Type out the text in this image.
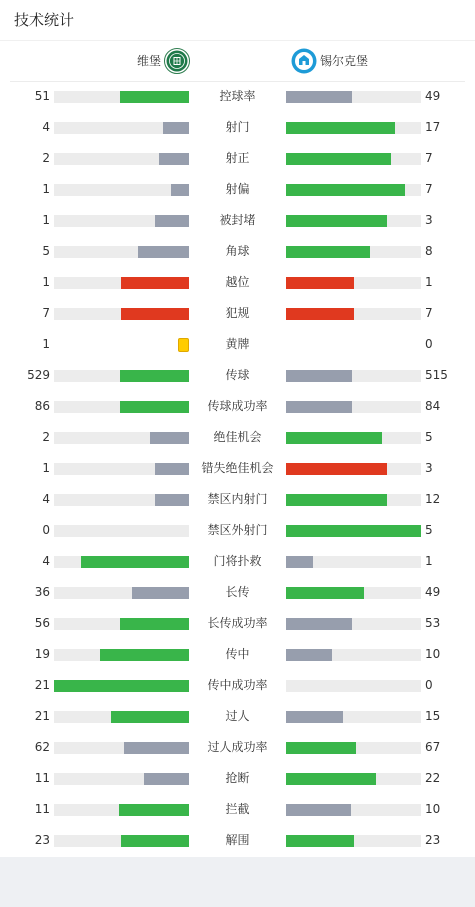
技术统计
维堡	锡尔克堡
51	控球率	49
4	射门	17
2	射正	7
1	射偏	7
1	被封堵	3
5	角球	8
1	越位	1
7	犯规	7
1	黄牌	0
529	传球	515
86	传球成功率	84
2	绝佳机会	5
1	错失绝佳机会	3
4	禁区内射门	12
0	禁区外射门	5
4	门将扑救	1
36	长传	49
56	长传成功率	53
19	传中	10
21	传中成功率	0
21	过人	15
62	过人成功率	67
11	抢断	22
11	拦截	10
23	解围	23
